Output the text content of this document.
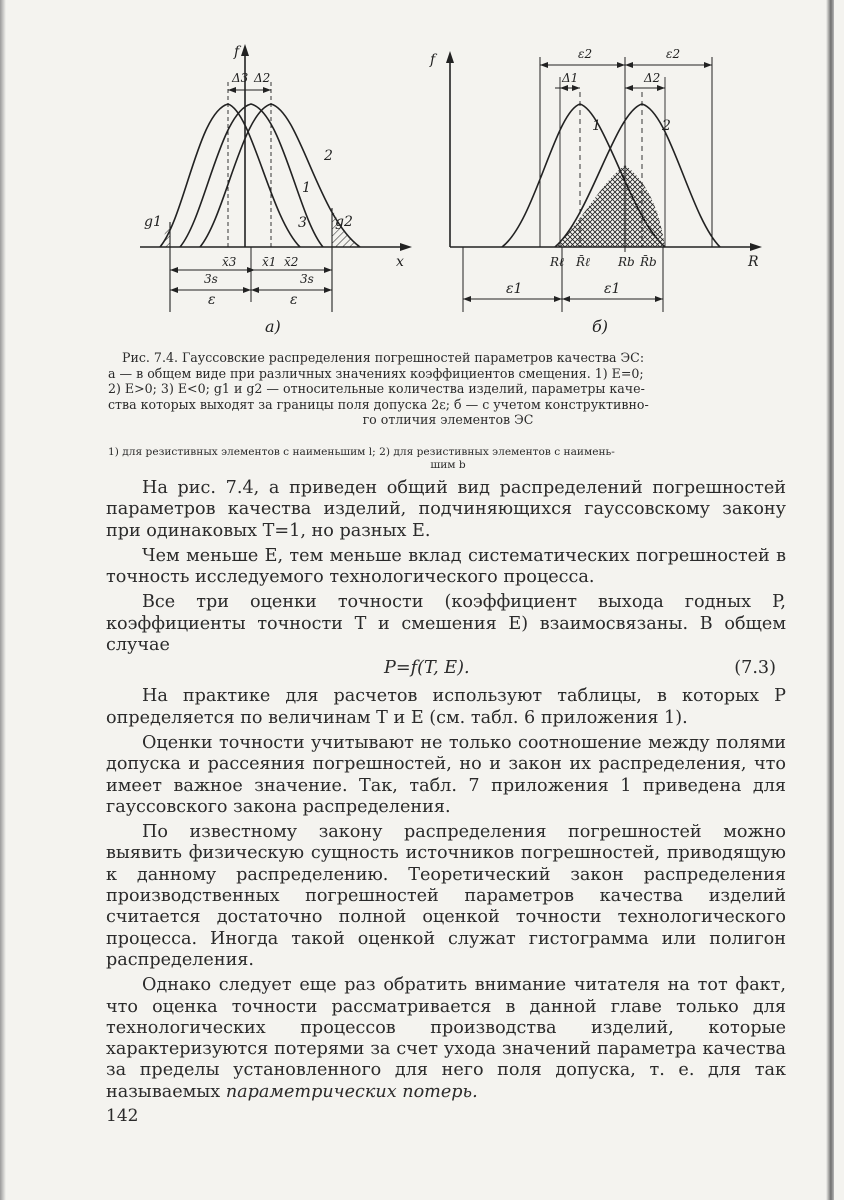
f
x
Δ3 Δ2
2
1
3
g1	g2
x̄3 x̄1 x̄2
3s	3s
ε	ε
а)
f
R
ε2	ε2
Δ1	Δ2
1	2
Rℓ R̄ℓ Rb R̄b
ε1	ε1
б)
Рис. 7.4. Гауссовские распределения погрешностей параметров качества ЭС:
а — в общем виде при различных значениях коэффициентов смещения. 1) Е=0;
2) Е>0; 3) Е<0; g1 и g2 — относительные количества изделий, параметры каче-
ства которых выходят за границы поля допуска 2ε; б — с учетом конструктивно-
го отличия элементов ЭС
1) для резистивных элементов с наименьшим l; 2) для резистивных элементов с наимень-
шим b

На рис. 7.4, а приведен общий вид распределений погрешностей параметров качества изделий, подчиняющихся гауссовскому закону при одинаковых T=1, но разных E.

Чем меньше E, тем меньше вклад систематических погрешностей в точность исследуемого технологического процесса.

Все три оценки точности (коэффициент выхода годных P, коэффициенты точности T и смешения E) взаимосвязаны. В общем случае

P=f(T, E).	(7.3)

На практике для расчетов используют таблицы, в которых P определяется по величинам T и E (см. табл. 6 приложения 1).

Оценки точности учитывают не только соотношение между полями допуска и рассеяния погрешностей, но и закон их распределения, что имеет важное значение. Так, табл. 7 приложения 1 приведена для гауссовского закона распределения.

По известному закону распределения погрешностей можно выявить физическую сущность источников погрешностей, приводящую к данному распределению. Теоретический закон распределения производственных погрешностей параметров качества изделий считается достаточно полной оценкой точности технологического процесса. Иногда такой оценкой служат гистограмма или полигон распределения.

Однако следует еще раз обратить внимание читателя на тот факт, что оценка точности рассматривается в данной главе только для технологических процессов производства изделий, которые характеризуются потерями за счет ухода значений параметра качества за пределы установленного для него поля допуска, т. е. для так называемых параметрических потерь.

142
